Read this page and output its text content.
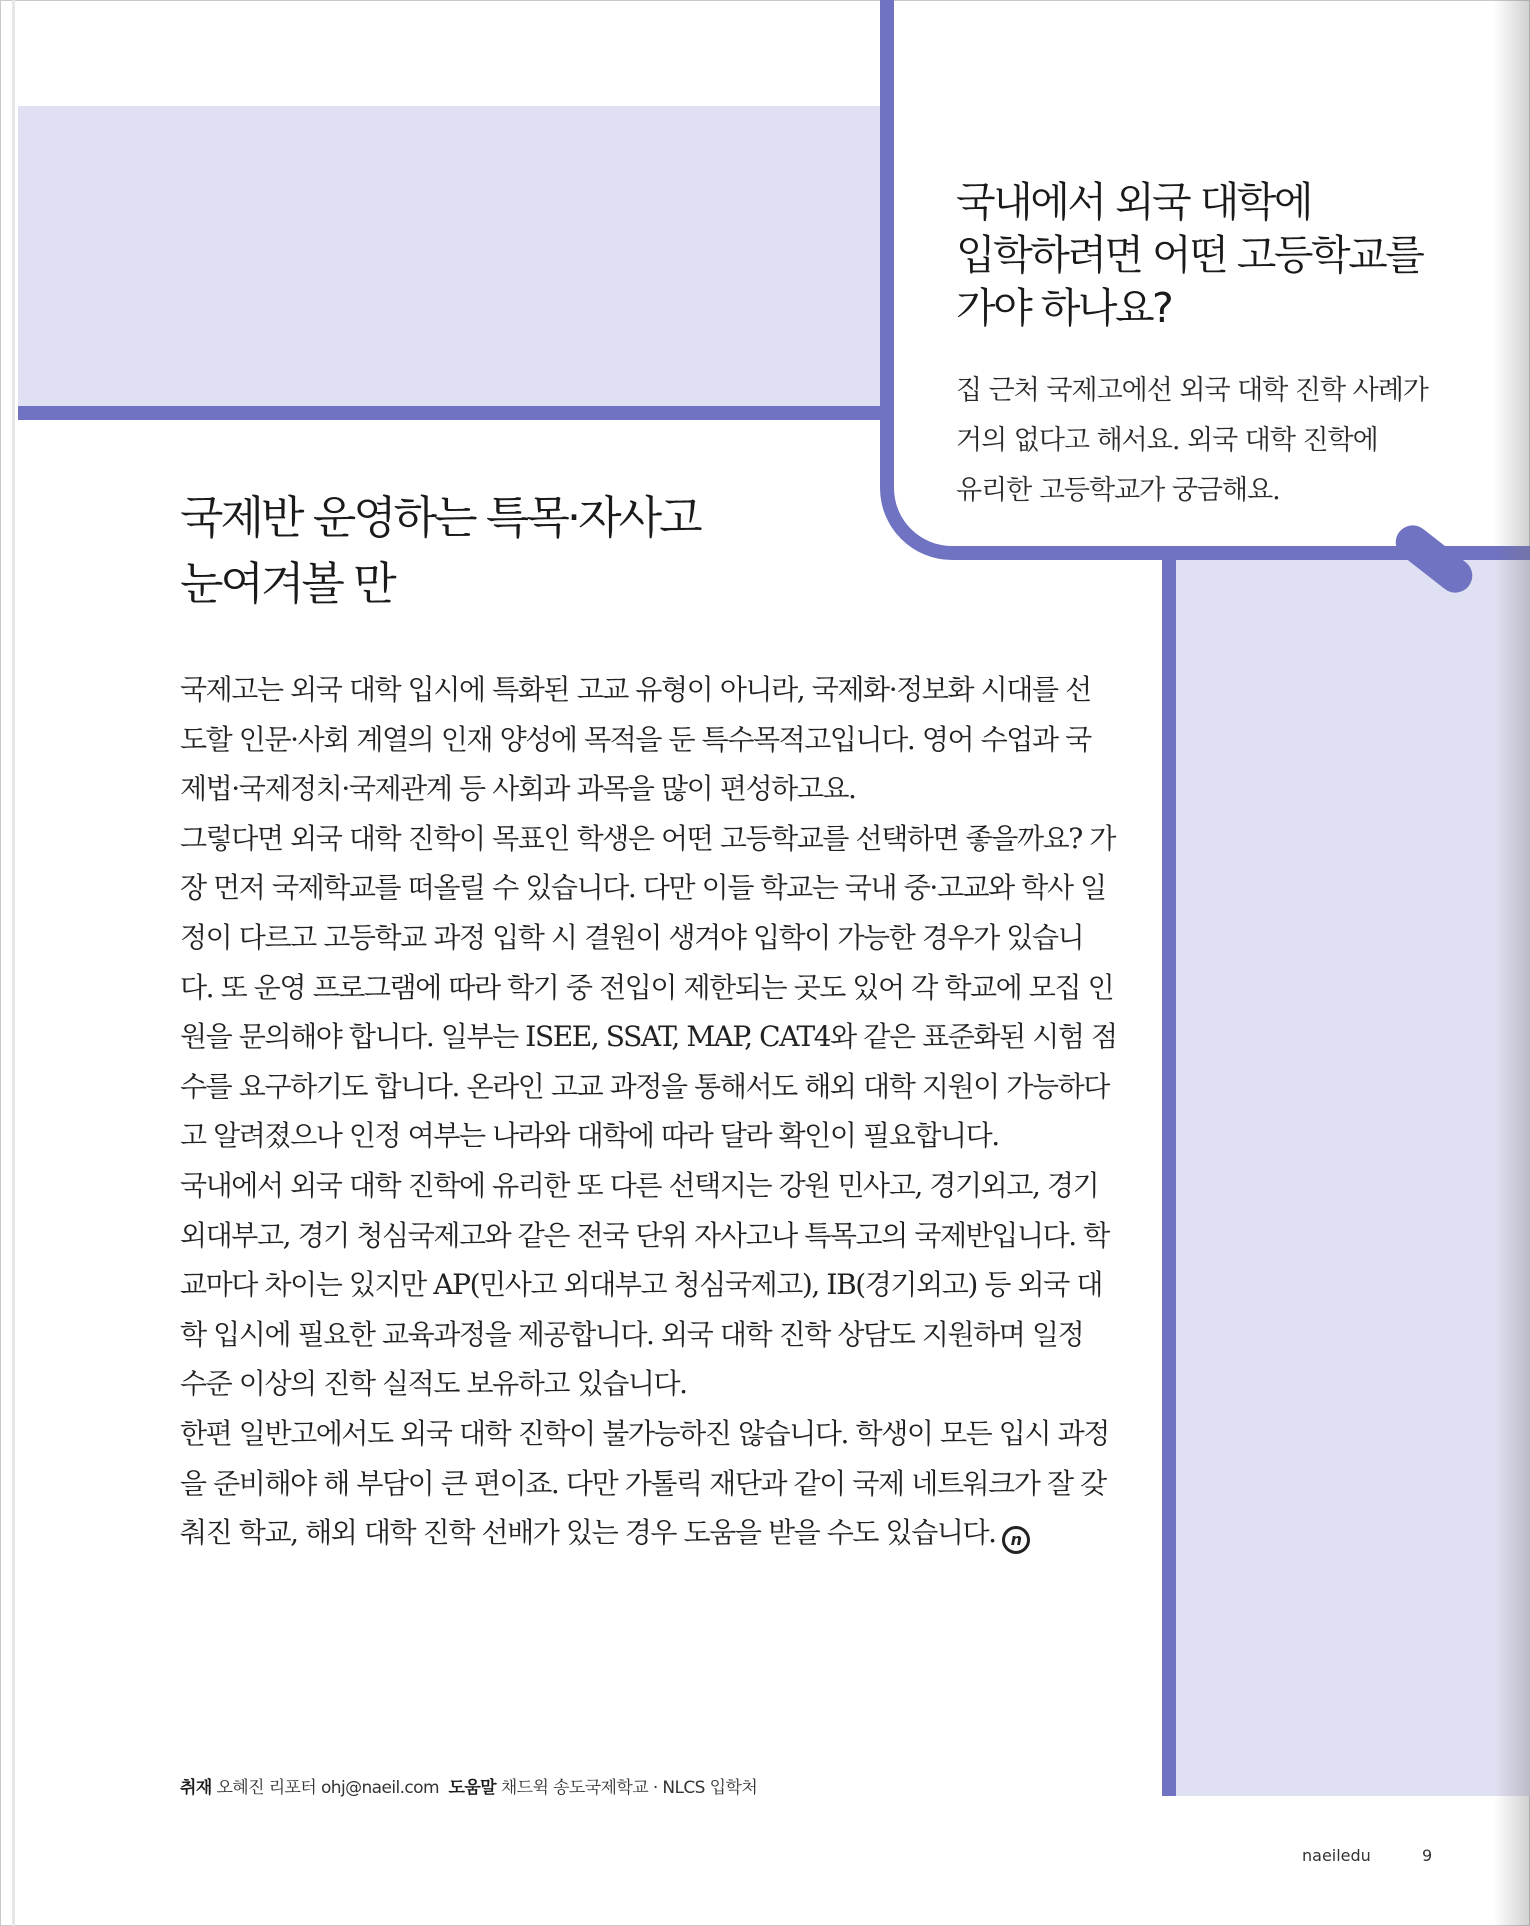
국내에서 외국 대학에
입학하려면 어떤 고등학교를
가야 하나요?

집 근처 국제고에선 외국 대학 진학 사례가
거의 없다고 해서요. 외국 대학 진학에
유리한 고등학교가 궁금해요.

국제반 운영하는 특목·자사고
눈여겨볼 만
국제고는 외국 대학 입시에 특화된 고교 유형이 아니라, 국제화·정보화 시대를 선
도할 인문·사회 계열의 인재 양성에 목적을 둔 특수목적고입니다. 영어 수업과 국
제법·국제정치·국제관계 등 사회과 과목을 많이 편성하고요.
그렇다면 외국 대학 진학이 목표인 학생은 어떤 고등학교를 선택하면 좋을까요? 가
장 먼저 국제학교를 떠올릴 수 있습니다. 다만 이들 학교는 국내 중·고교와 학사 일
정이 다르고 고등학교 과정 입학 시 결원이 생겨야 입학이 가능한 경우가 있습니
다. 또 운영 프로그램에 따라 학기 중 전입이 제한되는 곳도 있어 각 학교에 모집 인
원을 문의해야 합니다. 일부는 ISEE, SSAT, MAP, CAT4와 같은 표준화된 시험 점
수를 요구하기도 합니다. 온라인 고교 과정을 통해서도 해외 대학 지원이 가능하다
고 알려졌으나 인정 여부는 나라와 대학에 따라 달라 확인이 필요합니다.
국내에서 외국 대학 진학에 유리한 또 다른 선택지는 강원 민사고, 경기외고, 경기
외대부고, 경기 청심국제고와 같은 전국 단위 자사고나 특목고의 국제반입니다. 학
교마다 차이는 있지만 AP(민사고 외대부고 청심국제고), IB(경기외고) 등 외국 대
학 입시에 필요한 교육과정을 제공합니다. 외국 대학 진학 상담도 지원하며 일정
수준 이상의 진학 실적도 보유하고 있습니다.
한편 일반고에서도 외국 대학 진학이 불가능하진 않습니다. 학생이 모든 입시 과정
을 준비해야 해 부담이 큰 편이죠. 다만 가톨릭 재단과 같이 국제 네트워크가 잘 갖
춰진 학교, 해외 대학 진학 선배가 있는 경우 도움을 받을 수도 있습니다. n
취재 오혜진 리포터 ohj@naeil.com 도움말 채드윅 송도국제학교 · NLCS 입학처
naeiledu	9
